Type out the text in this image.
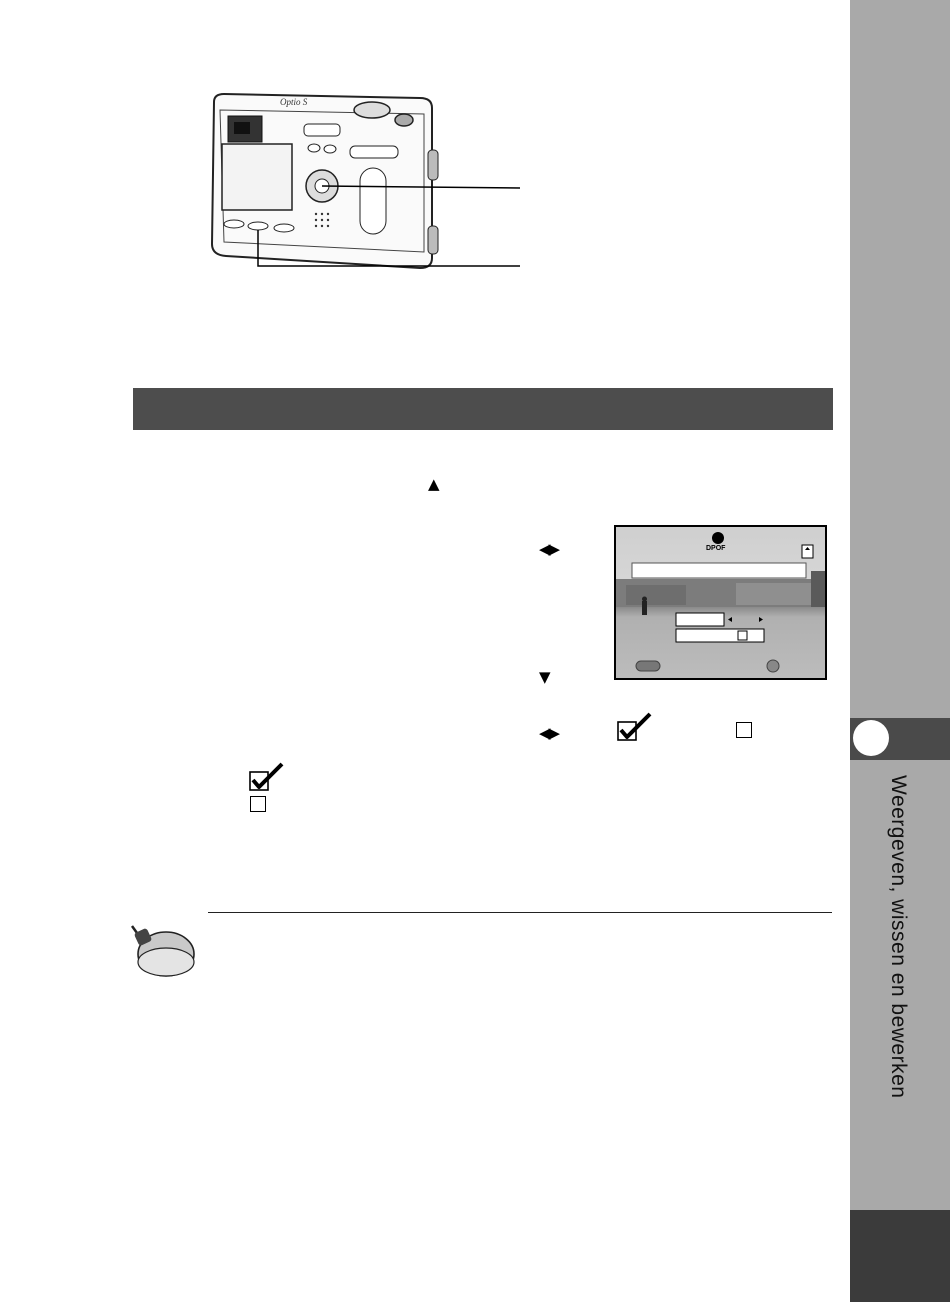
Weergeven, wissen en bewerken
Optio S
▲
◀▶
▼
◀▶
DPOF
